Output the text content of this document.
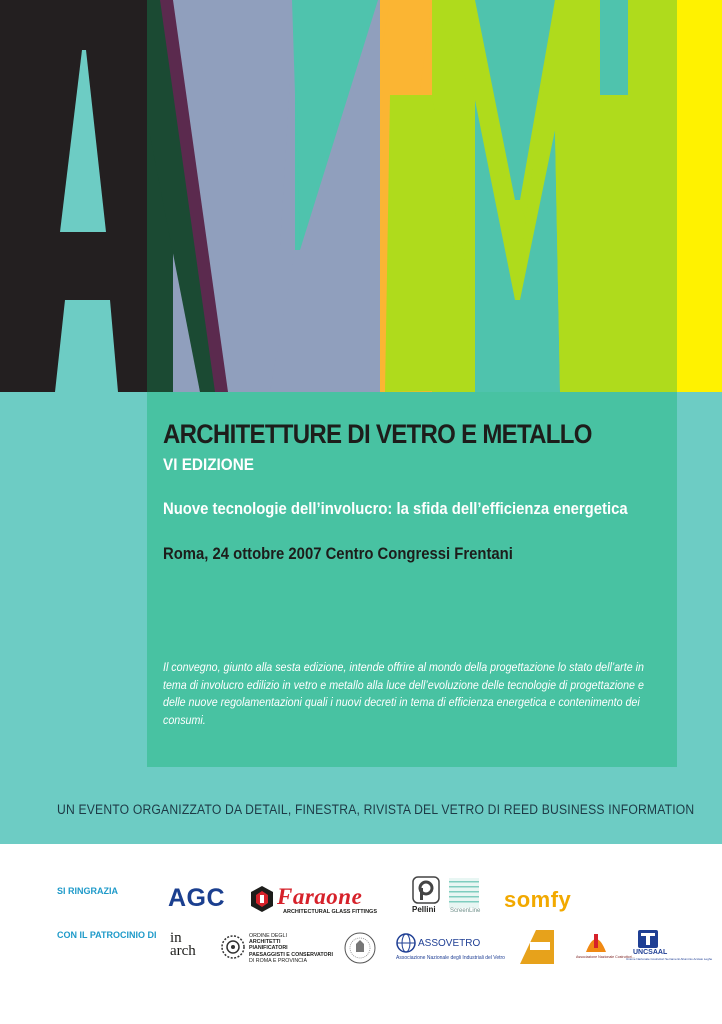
ARCHITETTURE DI VETRO E METALLO
VI EDIZIONE
Nuove tecnologie dell’involucro: la sfida dell’efficienza energetica
Roma, 24 ottobre 2007 Centro Congressi Frentani

Il convegno, giunto alla sesta edizione, intende offrire al mondo della progettazione lo stato dell’arte in tema di involucro edilizio in vetro e metallo alla luce dell’evoluzione delle tecnologie di progettazione e delle nuove regolamentazioni quali i nuovi decreti in tema di efficienza energetica e contenimento dei consumi.

UN EVENTO ORGANIZZATO DA DETAIL, FINESTRA, RIVISTA DEL VETRO DI REED BUSINESS INFORMATION
SI RINGRAZIA AGC Faraone
ARCHITECTURAL GLASS FITTINGS	Pellini ScreenLine somfy
CON IL PATROCINIO DI in arch
ORDINE DEGLI
ARCHITETTI
PIANIFICATORI
PAESAGGISTI E CONSERVATORI
DI ROMA E PROVINCIA
ASSOVETRO
Associazione Nazionale degli Industriali del Vetro	Associazione Nazionale Costruttori...
UNCSAAL
Unione Nazionale Costruttori Serramenti Alluminio Acciaio Leghe
